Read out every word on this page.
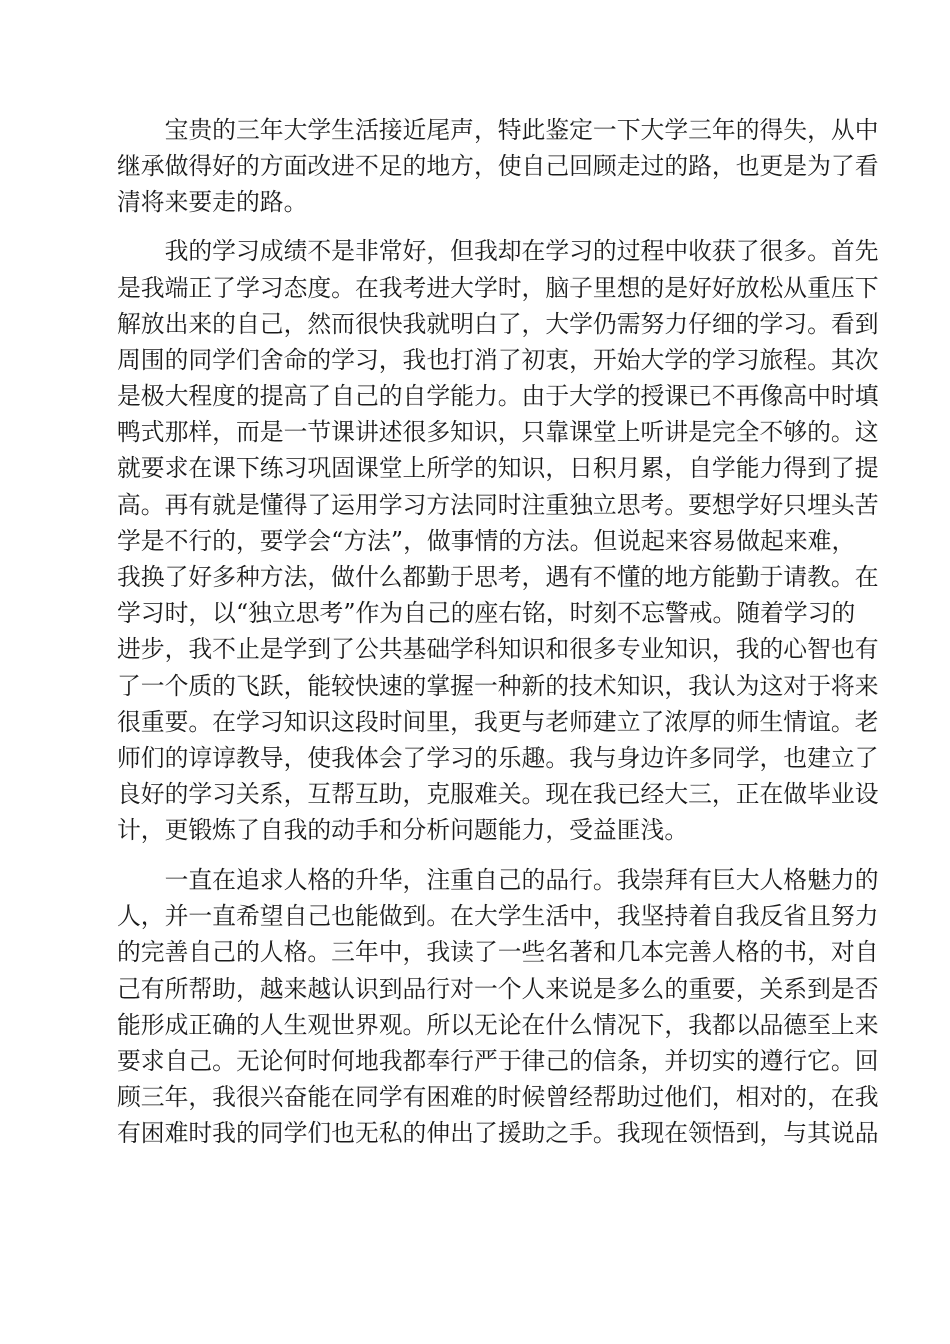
宝贵的三年大学生活接近尾声，特此鉴定一下大学三年的得失，从中
继承做得好的方面改进不足的地方，使自己回顾走过的路，也更是为了看
清将来要走的路。
我的学习成绩不是非常好，但我却在学习的过程中收获了很多。首先
是我端正了学习态度。在我考进大学时，脑子里想的是好好放松从重压下
解放出来的自己，然而很快我就明白了，大学仍需努力仔细的学习。看到
周围的同学们舍命的学习，我也打消了初衷，开始大学的学习旅程。其次
是极大程度的提高了自己的自学能力。由于大学的授课已不再像高中时填
鸭式那样，而是一节课讲述很多知识，只靠课堂上听讲是完全不够的。这
就要求在课下练习巩固课堂上所学的知识，日积月累，自学能力得到了提
高。再有就是懂得了运用学习方法同时注重独立思考。要想学好只埋头苦
学是不行的，要学会“方法”，做事情的方法。但说起来容易做起来难，
我换了好多种方法，做什么都勤于思考，遇有不懂的地方能勤于请教。在
学习时，以“独立思考”作为自己的座右铭，时刻不忘警戒。随着学习的
进步，我不止是学到了公共基础学科知识和很多专业知识，我的心智也有
了一个质的飞跃，能较快速的掌握一种新的技术知识，我认为这对于将来
很重要。在学习知识这段时间里，我更与老师建立了浓厚的师生情谊。老
师们的谆谆教导，使我体会了学习的乐趣。我与身边许多同学，也建立了
良好的学习关系，互帮互助，克服难关。现在我已经大三，正在做毕业设
计，更锻炼了自我的动手和分析问题能力，受益匪浅。
一直在追求人格的升华，注重自己的品行。我崇拜有巨大人格魅力的
人，并一直希望自己也能做到。在大学生活中，我坚持着自我反省且努力
的完善自己的人格。三年中，我读了一些名著和几本完善人格的书，对自
己有所帮助，越来越认识到品行对一个人来说是多么的重要，关系到是否
能形成正确的人生观世界观。所以无论在什么情况下，我都以品德至上来
要求自己。无论何时何地我都奉行严于律己的信条，并切实的遵行它。回
顾三年，我很兴奋能在同学有困难的时候曾经帮助过他们，相对的，在我
有困难时我的同学们也无私的伸出了援助之手。我现在领悟到，与其说品
